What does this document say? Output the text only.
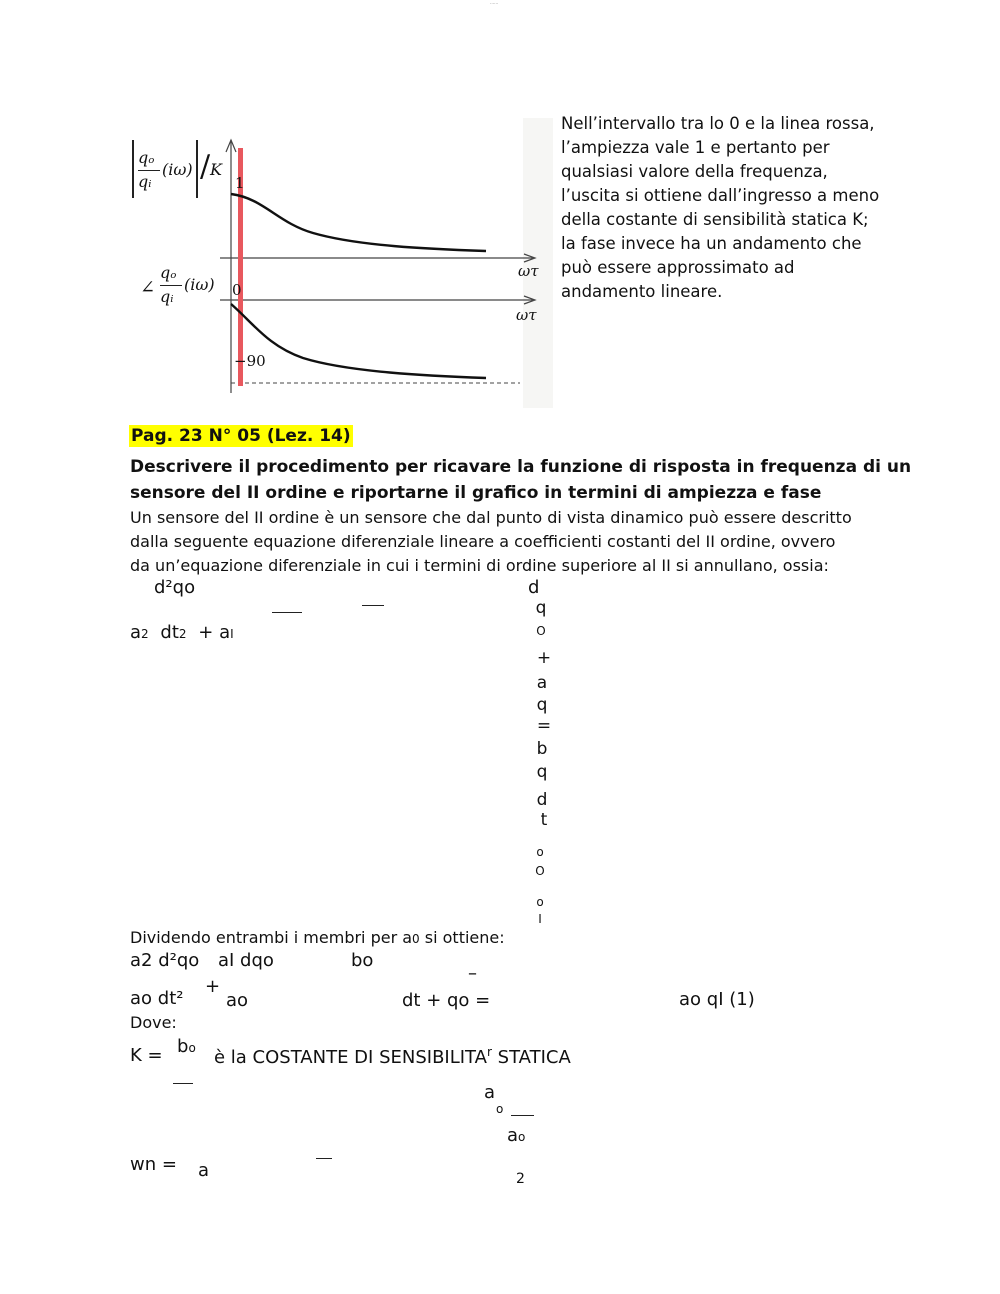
......
qₒ
qᵢ
(iω) / K
1
0
−90
ωτ
ωτ
∠
qₒ
qᵢ
(iω)
Nell’intervallo tra lo 0 e la linea rossa,
l’ampiezza vale 1 e pertanto per
qualsiasi valore della frequenza,
l’uscita si ottiene dall’ingresso a meno
della costante di sensibilità statica K;
la fase invece ha un andamento che
può essere approssimato ad
andamento lineare.
Pag. 23 N° 05 (Lez. 14)
Descrivere il procedimento per ricavare la funzione di risposta in frequenza di un
sensore del II ordine e riportarne il grafico in termini di ampiezza e fase
Un sensore del II ordine è un sensore che dal punto di vista dinamico può essere descritto
dalla seguente equazione diferenziale lineare a coefficienti costanti del II ordine, ovvero
da un’equazione diferenziale in cui i termini di ordine superiore al II si annullano, ossia:
d²qo
a2 dt2 + aI
d
q
O
+
a
q
=
b
q
d
t
o
O
o
I
Dividendo entrambi i membri per a0 si ottiene:
a2 d²qo aI dqo	bo
–
+
ao dt² ao	dt + qo =	ao qI (1)
Dove:
K = bo è la COSTANTE DI SENSIBILITA$^r$ STATICA
a
o
ao
wn = a	2
